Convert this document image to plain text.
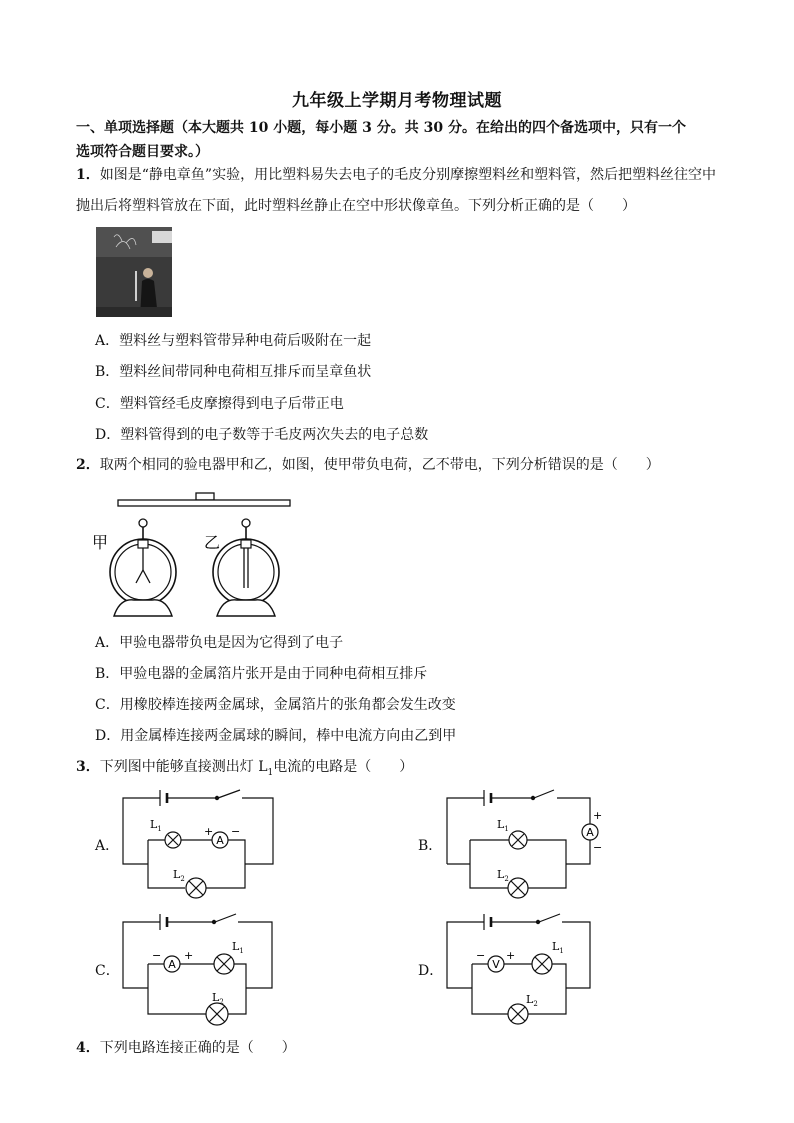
九年级上学期月考物理试题
一、单项选择题（本大题共 10 小题，每小题 3 分。共 30 分。在给出的四个备选项中，只有一个
选项符合题目要求。）
1．如图是“静电章鱼”实验，用比塑料易失去电子的毛皮分别摩擦塑料丝和塑料管，然后把塑料丝往空中
抛出后将塑料管放在下面，此时塑料丝静止在空中形状像章鱼。下列分析正确的是（　　）
A．塑料丝与塑料管带异种电荷后吸附在一起
B．塑料丝间带同种电荷相互排斥而呈章鱼状
C．塑料管经毛皮摩擦得到电子后带正电
D．塑料管得到的电子数等于毛皮两次失去的电子总数
2．取两个相同的验电器甲和乙，如图，使甲带负电荷，乙不带电，下列分析错误的是（　　）
甲	乙
A．甲验电器带负电是因为它得到了电子
B．甲验电器的金属箔片张开是由于同种电荷相互排斥
C．用橡胶棒连接两金属球，金属箔片的张角都会发生改变
D．用金属棒连接两金属球的瞬间，棒中电流方向由乙到甲
3．下列图中能够直接测出灯 $L_1$电流的电路是（　　）
A．	B．
C．	D．
A
+ −
$L_1$
$L_2$
A
+
−
$L_1$
$L_2$
A
− +
$L_1$
$L_2$
V
− +
$L_1$
$L_2$
4．下列电路连接正确的是（　　）
